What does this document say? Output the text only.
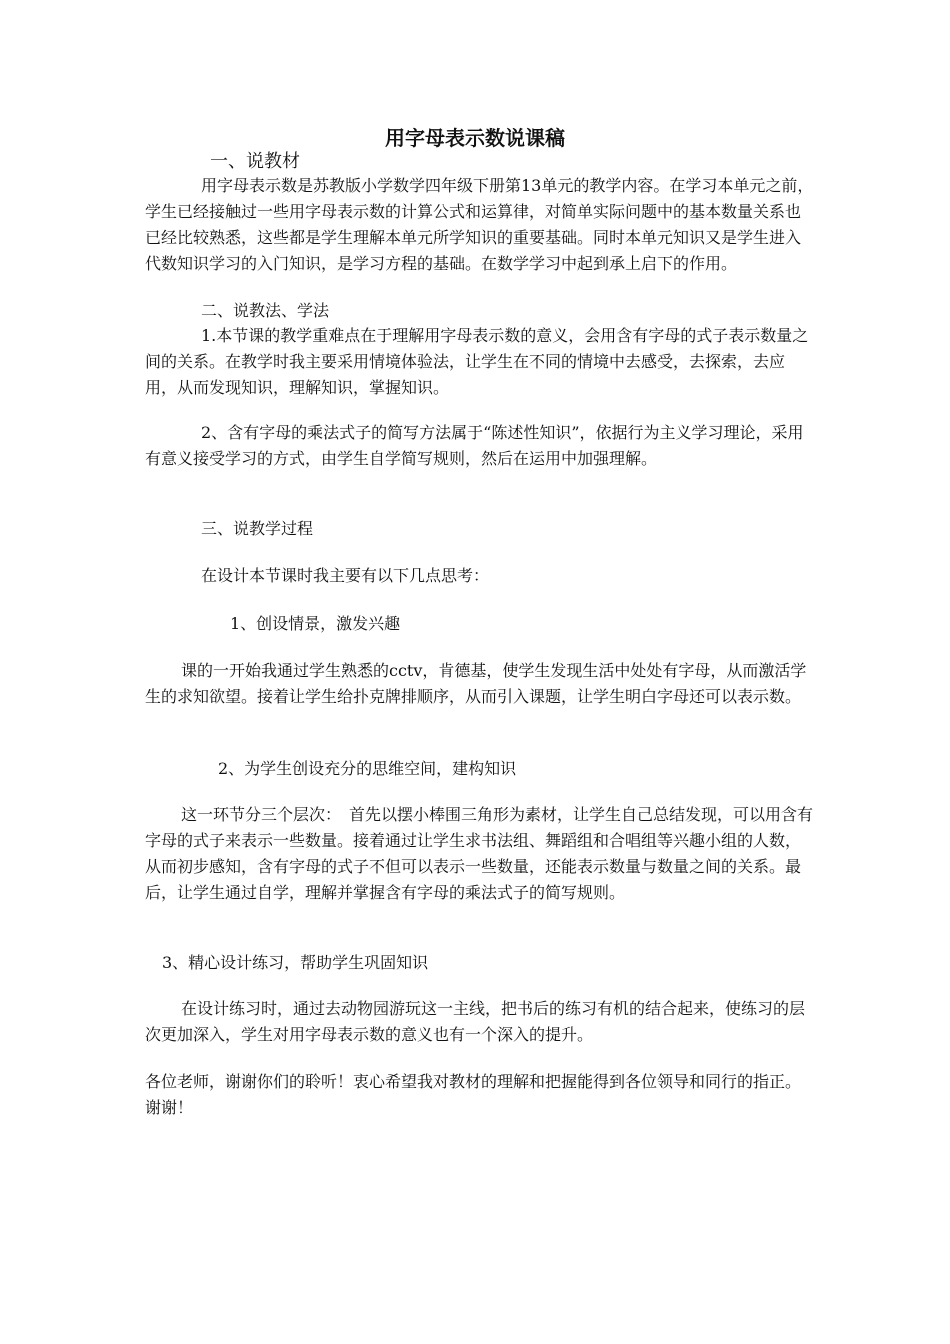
用字母表示数说课稿

一、说教材

用字母表示数是苏教版小学数学四年级下册第13单元的教学内容。在学习本单元之前，学生已经接触过一些用字母表示数的计算公式和运算律，对简单实际问题中的基本数量关系也已经比较熟悉，这些都是学生理解本单元所学知识的重要基础。同时本单元知识又是学生进入代数知识学习的入门知识，是学习方程的基础。在数学学习中起到承上启下的作用。

二、说教法、学法

1.本节课的教学重难点在于理解用字母表示数的意义，会用含有字母的式子表示数量之间的关系。在教学时我主要采用情境体验法，让学生在不同的情境中去感受，去探索，去应用，从而发现知识，理解知识，掌握知识。

2、含有字母的乘法式子的简写方法属于“陈述性知识”，依据行为主义学习理论，采用有意义接受学习的方式，由学生自学简写规则，然后在运用中加强理解。

三、说教学过程

在设计本节课时我主要有以下几点思考：

1、创设情景，激发兴趣

课的一开始我通过学生熟悉的cctv，肯德基，使学生发现生活中处处有字母，从而激活学生的求知欲望。接着让学生给扑克牌排顺序，从而引入课题，让学生明白字母还可以表示数。

2、为学生创设充分的思维空间，建构知识

这一环节分三个层次：　首先以摆小棒围三角形为素材，让学生自己总结发现，可以用含有字母的式子来表示一些数量。接着通过让学生求书法组、舞蹈组和合唱组等兴趣小组的人数，从而初步感知，含有字母的式子不但可以表示一些数量，还能表示数量与数量之间的关系。最后，让学生通过自学，理解并掌握含有字母的乘法式子的简写规则。

3、精心设计练习，帮助学生巩固知识

在设计练习时，通过去动物园游玩这一主线，把书后的练习有机的结合起来，使练习的层次更加深入，学生对用字母表示数的意义也有一个深入的提升。

各位老师，谢谢你们的聆听！衷心希望我对教材的理解和把握能得到各位领导和同行的指正。谢谢！
